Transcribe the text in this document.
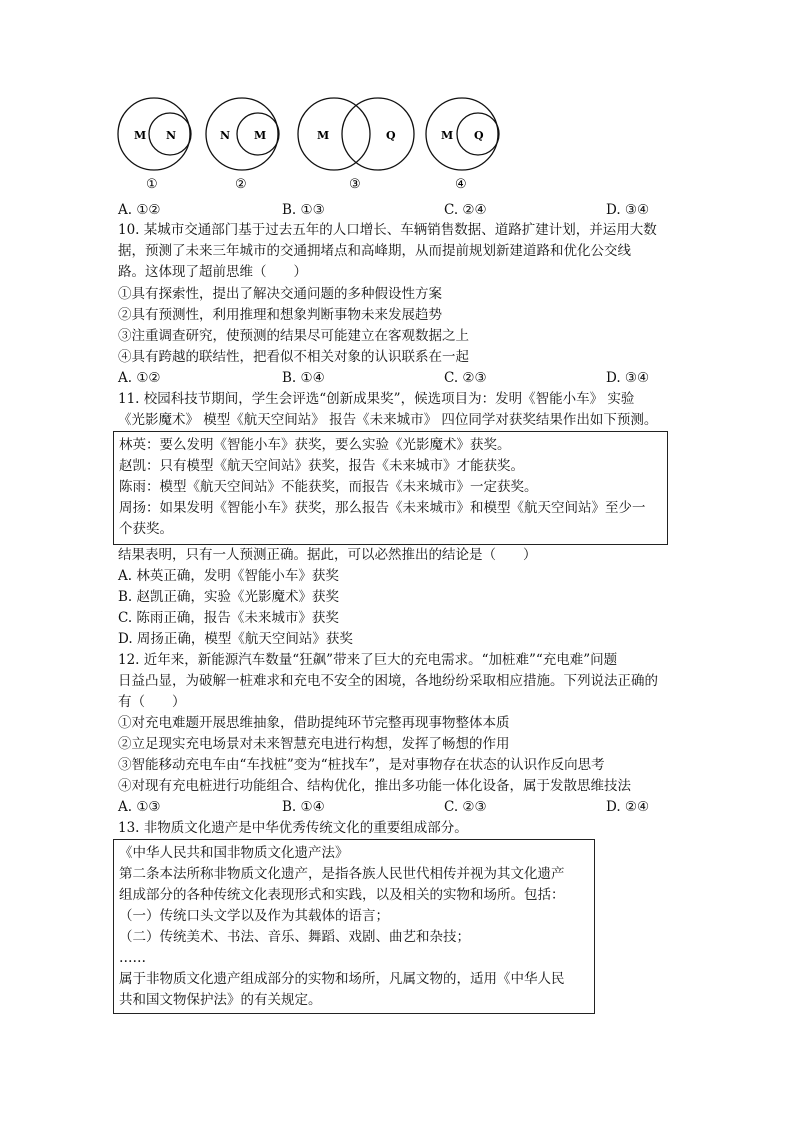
M N
①
N M
②
M	Q
③
M Q
④
A. ①②	B. ①③	C. ②④	D. ③④
10. 某城市交通部门基于过去五年的人口增长、车辆销售数据、道路扩建计划，并运用大数
据，预测了未来三年城市的交通拥堵点和高峰期，从而提前规划新建道路和优化公交线
路。这体现了超前思维（　　）
①具有探索性，提出了解决交通问题的多种假设性方案
②具有预测性，利用推理和想象判断事物未来发展趋势
③注重调查研究，使预测的结果尽可能建立在客观数据之上
④具有跨越的联结性，把看似不相关对象的认识联系在一起
A. ①②	B. ①④	C. ②③	D. ③④
11. 校园科技节期间，学生会评选“创新成果奖”，候选项目为：发明《智能小车》 实验
《光影魔术》 模型《航天空间站》 报告《未来城市》 四位同学对获奖结果作出如下预测。
林英：要么发明《智能小车》获奖，要么实验《光影魔术》获奖。
赵凯：只有模型《航天空间站》获奖，报告《未来城市》才能获奖。
陈雨：模型《航天空间站》不能获奖，而报告《未来城市》一定获奖。
周扬：如果发明《智能小车》获奖，那么报告《未来城市》和模型《航天空间站》至少一
个获奖。
结果表明，只有一人预测正确。据此，可以必然推出的结论是（　　）
A. 林英正确，发明《智能小车》获奖
B. 赵凯正确，实验《光影魔术》获奖
C. 陈雨正确，报告《未来城市》获奖
D. 周扬正确，模型《航天空间站》获奖
12. 近年来，新能源汽车数量“狂飙”带来了巨大的充电需求。“加桩难”“充电难”问题
日益凸显，为破解一桩难求和充电不安全的困境，各地纷纷采取相应措施。下列说法正确的
有（　　）
①对充电难题开展思维抽象，借助提纯环节完整再现事物整体本质
②立足现实充电场景对未来智慧充电进行构想，发挥了畅想的作用
③智能移动充电车由“车找桩”变为“桩找车”，是对事物存在状态的认识作反向思考
④对现有充电桩进行功能组合、结构优化，推出多功能一体化设备，属于发散思维技法
A. ①③	B. ①④	C. ②③	D. ②④
13. 非物质文化遗产是中华优秀传统文化的重要组成部分。
《中华人民共和国非物质文化遗产法》
第二条本法所称非物质文化遗产，是指各族人民世代相传并视为其文化遗产
组成部分的各种传统文化表现形式和实践，以及相关的实物和场所。包括：
（一）传统口头文学以及作为其载体的语言；
（二）传统美术、书法、音乐、舞蹈、戏剧、曲艺和杂技；
……
属于非物质文化遗产组成部分的实物和场所，凡属文物的，适用《中华人民
共和国文物保护法》的有关规定。
